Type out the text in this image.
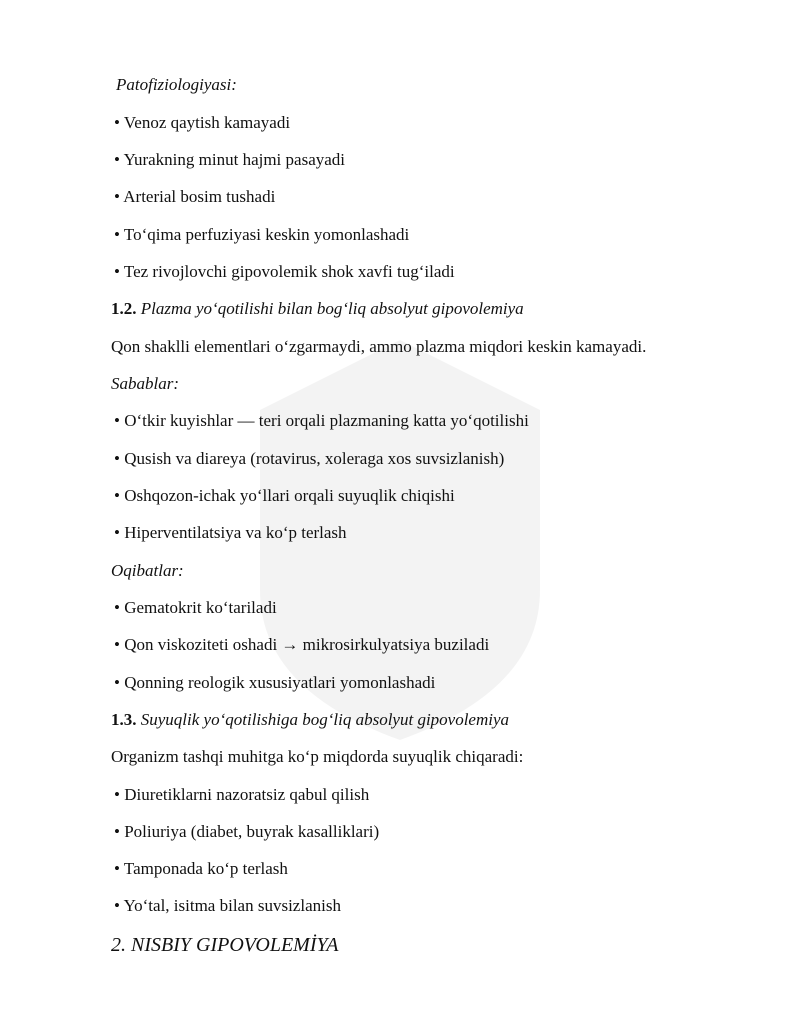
Patofiziologiyasi:
• Venoz qaytish kamayadi
• Yurakning minut hajmi pasayadi
• Arterial bosim tushadi
• To‘qima perfuziyasi keskin yomonlashadi
• Tez rivojlovchi gipovolemik shok xavfi tug‘iladi
1.2. Plazma yo‘qotilishi bilan bog‘liq absolyut gipovolemiya
Qon shaklli elementlari o‘zgarmaydi, ammo plazma miqdori keskin kamayadi.
Sabablar:
• O‘tkir kuyishlar — teri orqali plazmaning katta yo‘qotilishi
• Qusish va diareya (rotavirus, xoleraga xos suvsizlanish)
• Oshqozon-ichak yo‘llari orqali suyuqlik chiqishi
• Hiperventilatsiya va ko‘p terlash
Oqibatlar:
• Gematokrit ko‘tariladi
• Qon viskoziteti oshadi → mikrosirkulyatsiya buziladi
• Qonning reologik xususiyatlari yomonlashadi
1.3. Suyuqlik yo‘qotilishiga bog‘liq absolyut gipovolemiya
Organizm tashqi muhitga ko‘p miqdorda suyuqlik chiqaradi:
• Diuretiklarni nazoratsiz qabul qilish
• Poliuriya (diabet, buyrak kasalliklari)
• Tamponada ko‘p terlash
• Yo‘tal, isitma bilan suvsizlanish
2. NISBIY GIPOVOLEMİYA
